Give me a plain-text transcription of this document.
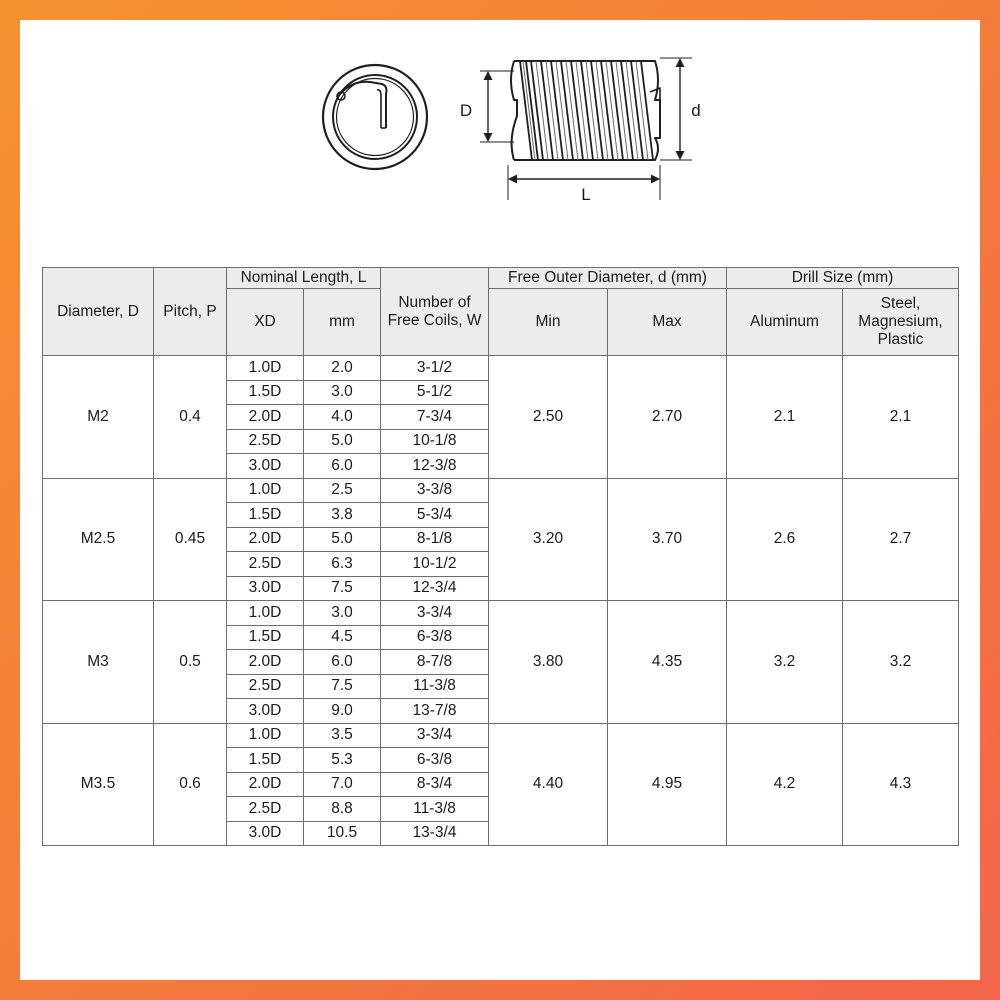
D	d
L
Diameter, D	Pitch, P	Nominal Length, L		Number of Free Coils, W	Free Outer Diameter, d (mm)		Drill Size (mm)	
		XD	mm		Min	Max	Aluminum	Steel, Magnesium, Plastic
M2	0.4	1.0D	2.0	3-1/2	2.50	2.70	2.1	2.1
		1.5D	3.0	5-1/2				
		2.0D	4.0	7-3/4				
		2.5D	5.0	10-1/8				
		3.0D	6.0	12-3/8				
M2.5	0.45	1.0D	2.5	3-3/8	3.20	3.70	2.6	2.7
		1.5D	3.8	5-3/4				
		2.0D	5.0	8-1/8				
		2.5D	6.3	10-1/2				
		3.0D	7.5	12-3/4				
M3	0.5	1.0D	3.0	3-3/4	3.80	4.35	3.2	3.2
		1.5D	4.5	6-3/8				
		2.0D	6.0	8-7/8				
		2.5D	7.5	11-3/8				
		3.0D	9.0	13-7/8				
M3.5	0.6	1.0D	3.5	3-3/4	4.40	4.95	4.2	4.3
		1.5D	5.3	6-3/8				
		2.0D	7.0	8-3/4				
		2.5D	8.8	11-3/8				
		3.0D	10.5	13-3/4				
